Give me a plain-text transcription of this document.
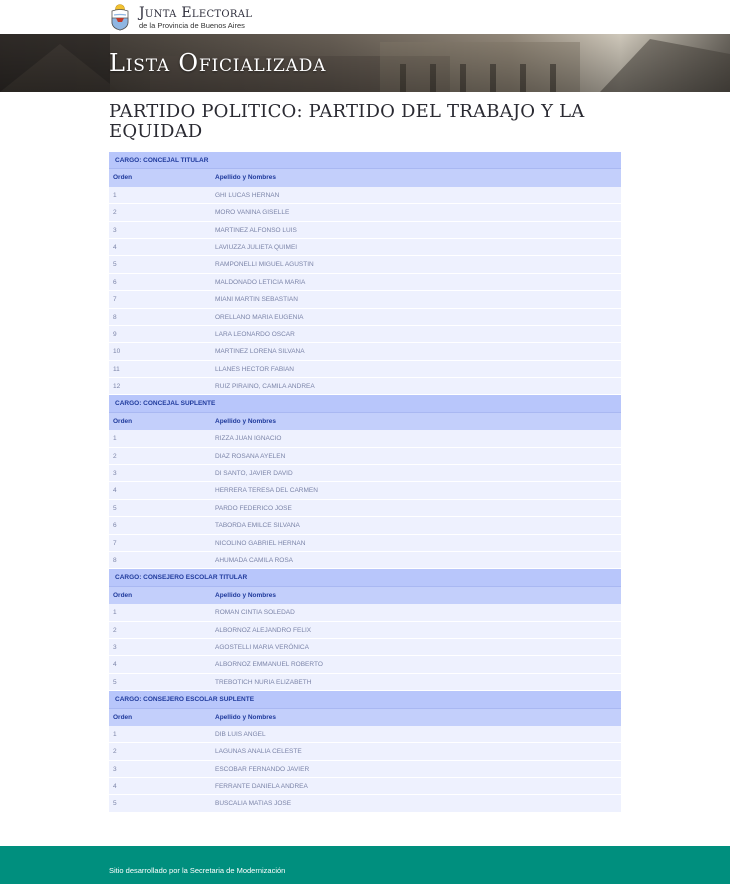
Junta Electoral
de la Provincia de Buenos Aires
Lista Oficializada
PARTIDO POLITICO: PARTIDO DEL TRABAJO Y LA EQUIDAD
CARGO: CONCEJAL TITULAR
Orden	Apellido y Nombres
1	GHI LUCAS HERNAN
2	MORO VANINA GISELLE
3	MARTINEZ ALFONSO LUIS
4	LAVIUZZA JULIETA QUIMEI
5	RAMPONELLI MIGUEL AGUSTIN
6	MALDONADO LETICIA MARIA
7	MIANI MARTIN SEBASTIAN
8	ORELLANO MARIA EUGENIA
9	LARA LEONARDO OSCAR
10	MARTINEZ LORENA SILVANA
11	LLANES HECTOR FABIAN
12	RUIZ PIRAINO, CAMILA ANDREA
CARGO: CONCEJAL SUPLENTE
Orden	Apellido y Nombres
1	RIZZA JUAN IGNACIO
2	DIAZ ROSANA AYELEN
3	DI SANTO, JAVIER DAVID
4	HERRERA TERESA DEL CARMEN
5	PARDO FEDERICO JOSE
6	TABORDA EMILCE SILVANA
7	NICOLINO GABRIEL HERNAN
8	AHUMADA CAMILA ROSA
CARGO: CONSEJERO ESCOLAR TITULAR
Orden	Apellido y Nombres
1	ROMAN CINTIA SOLEDAD
2	ALBORNOZ ALEJANDRO FELIX
3	AGOSTELLI MARIA VERÓNICA
4	ALBORNOZ EMMANUEL ROBERTO
5	TREBOTICH NURIA ELIZABETH
CARGO: CONSEJERO ESCOLAR SUPLENTE
Orden	Apellido y Nombres
1	DIB LUIS ANGEL
2	LAGUNAS ANALIA CELESTE
3	ESCOBAR FERNANDO JAVIER
4	FERRANTE DANIELA ANDREA
5	BUSCALIA MATIAS JOSE
Sitio desarrollado por la Secretaria de Modernización
